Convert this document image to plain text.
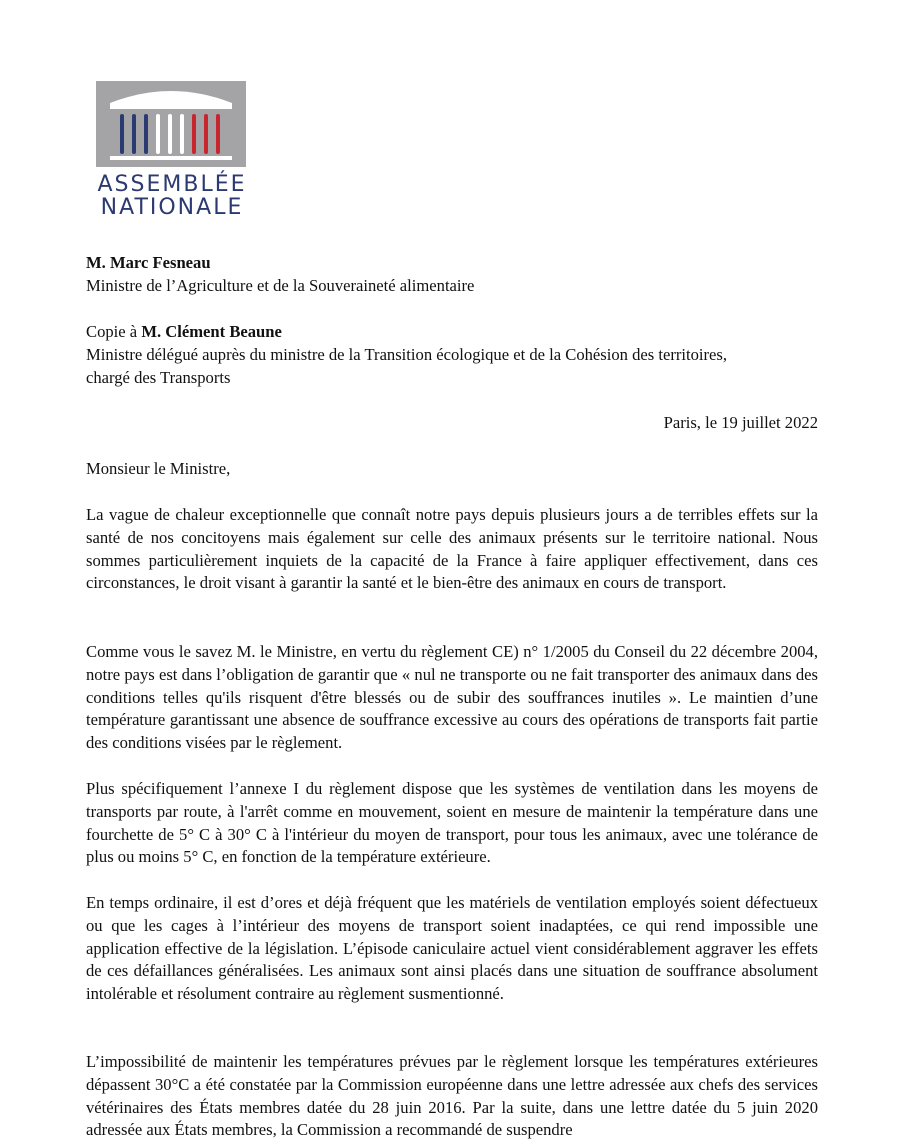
ASSEMBLÉE
NATIONALE
M. Marc Fesneau
Ministre de l’Agriculture et de la Souveraineté alimentaire
Copie à M. Clément Beaune
Ministre délégué auprès du ministre de la Transition écologique et de la Cohésion des territoires,
chargé des Transports
Paris, le 19 juillet 2022
Monsieur le Ministre,
La vague de chaleur exceptionnelle que connaît notre pays depuis plusieurs jours a de terribles effets sur la santé de nos concitoyens mais également sur celle des animaux présents sur le territoire national. Nous sommes particulièrement inquiets de la capacité de la France à faire appliquer effectivement, dans ces circonstances, le droit visant à garantir la santé et le bien-être des animaux en cours de transport.
Comme vous le savez M. le Ministre, en vertu du règlement CE) n° 1/2005 du Conseil du 22 décembre 2004, notre pays est dans l’obligation de garantir que « nul ne transporte ou ne fait transporter des animaux dans des conditions telles qu'ils risquent d'être blessés ou de subir des souffrances inutiles ». Le maintien d’une température garantissant une absence de souffrance excessive au cours des opérations de transports fait partie des conditions visées par le règlement.
Plus spécifiquement l’annexe I du règlement dispose que les systèmes de ventilation dans les moyens de transports par route, à l'arrêt comme en mouvement, soient en mesure de maintenir la température dans une fourchette de 5° C à 30° C à l'intérieur du moyen de transport, pour tous les animaux, avec une tolérance de plus ou moins 5° C, en fonction de la température extérieure.
En temps ordinaire, il est d’ores et déjà fréquent que les matériels de ventilation employés soient défectueux ou que les cages à l’intérieur des moyens de transport soient inadaptées, ce qui rend impossible une application effective de la législation. L’épisode caniculaire actuel vient considérablement aggraver les effets de ces défaillances généralisées. Les animaux sont ainsi placés dans une situation de souffrance absolument intolérable et résolument contraire au règlement susmentionné.
L’impossibilité de maintenir les températures prévues par le règlement lorsque les températures extérieures dépassent 30°C a été constatée par la Commission européenne dans une lettre adressée aux chefs des services vétérinaires des États membres datée du 28 juin 2016. Par la suite, dans une lettre datée du 5 juin 2020 adressée aux États membres, la Commission a recommandé de suspendre
